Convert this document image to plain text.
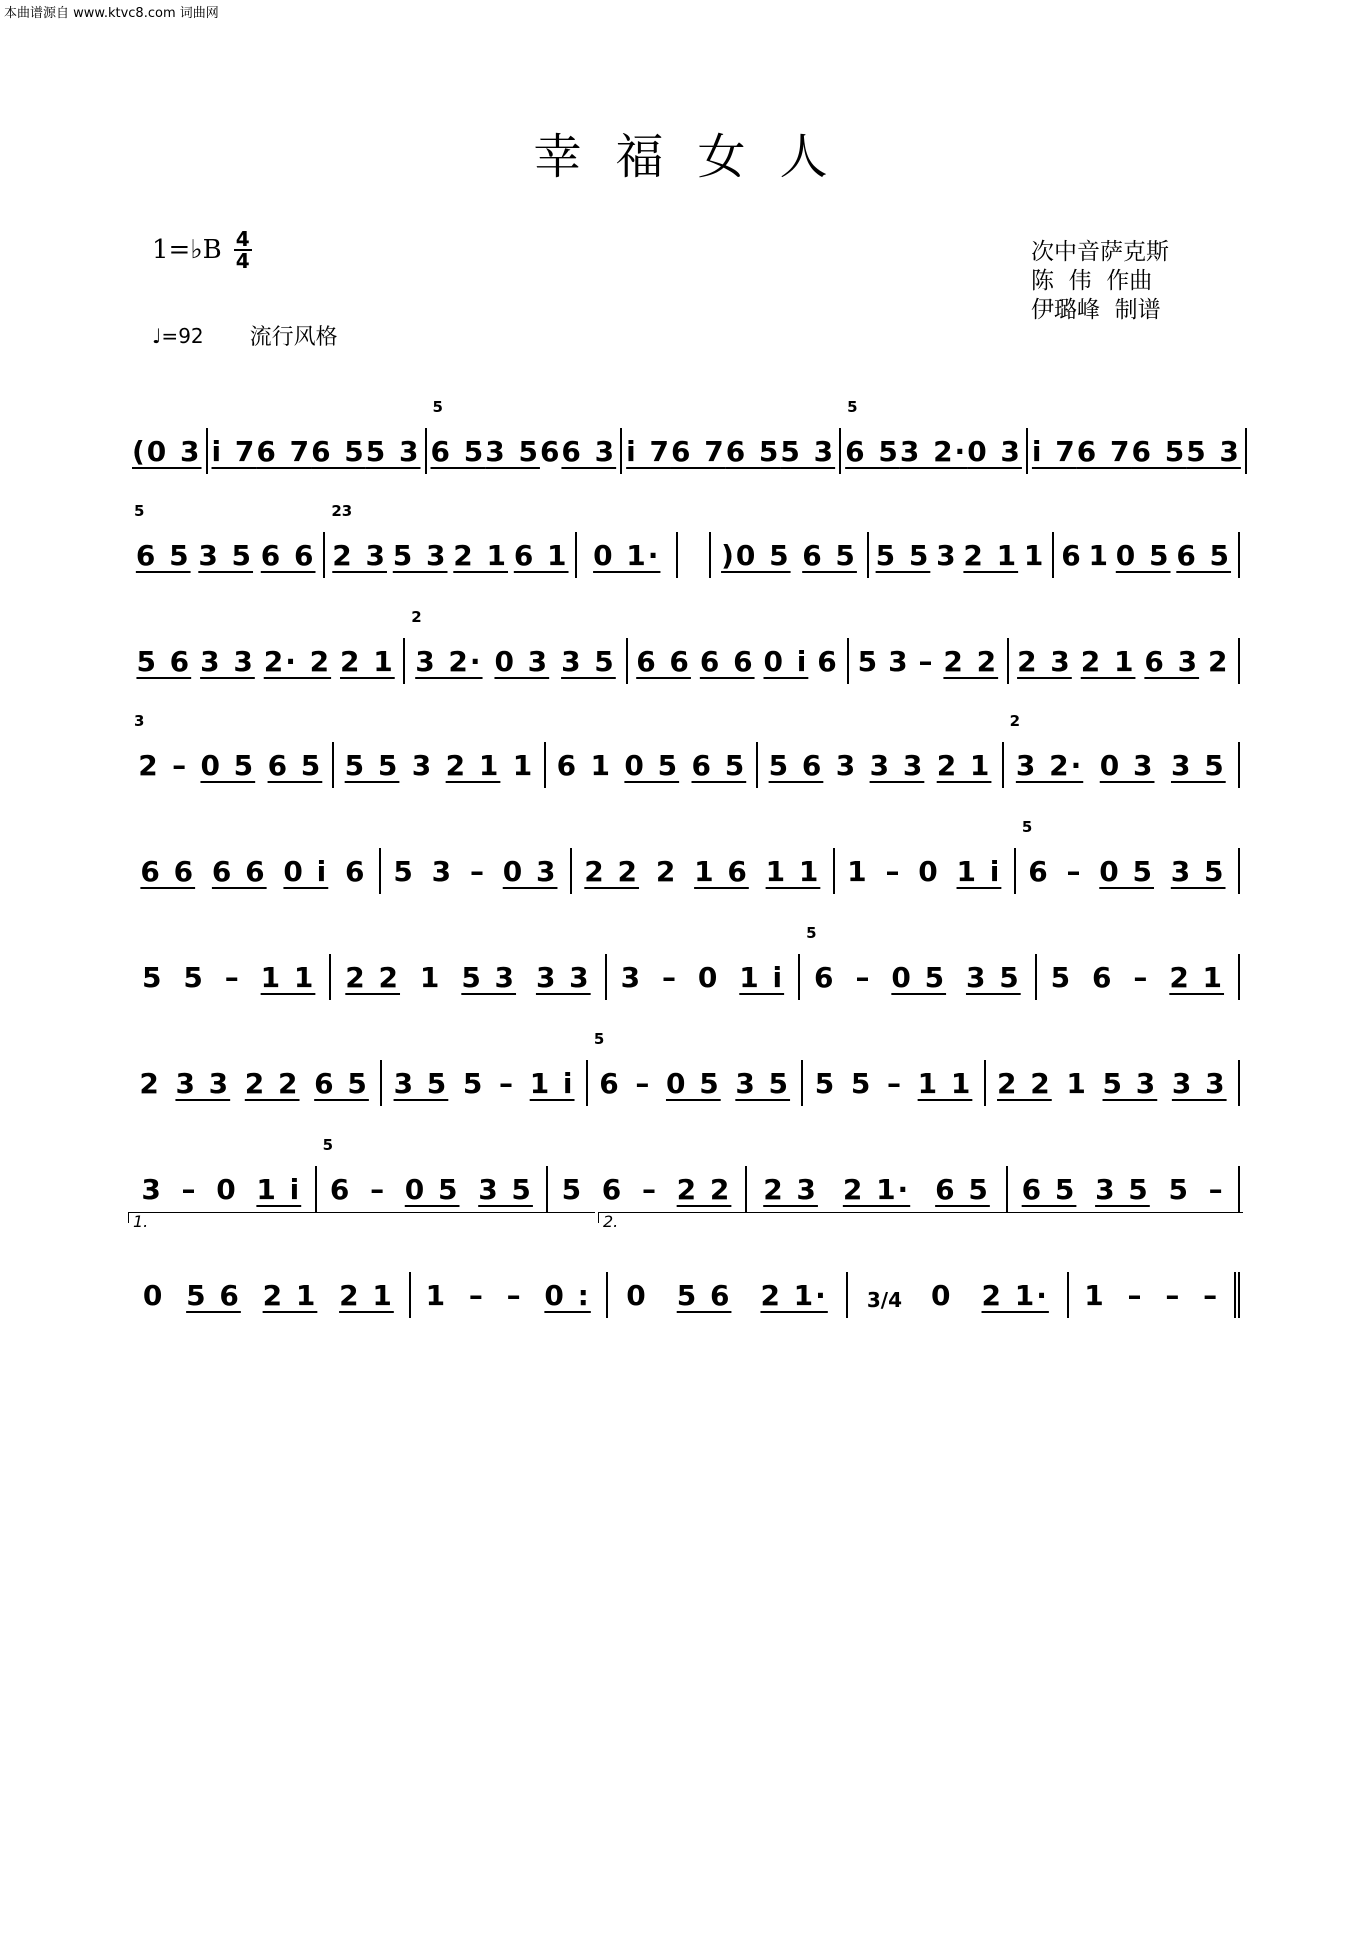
本曲谱源自 www.ktvc8.com 词曲网
幸福女人
1=♭B 4
4
♩=92 流行风格
次中音萨克斯
陈  伟  作曲
伊璐峰  制谱
(0 3 i 7 6 7 6 5 5 3
5
6 5 3 5 6 6 3 i 7 6 7 6 5 5 3
5
6 5 3 2· 0 3 i 7 6 7 6 5 5 3
5
6 5 3 5 6 6
23
2 3 5 3 2 1 6 1 0 1· )0 5 6 5 5 5 3 2 1 1 6 1 0 5 6 5
5 6 3 3 2· 2 2 1
2
3 2· 0 3 3 5 6 6 6 6 0 i 6 5 3 – 2 2 2 3 2 1 6 3 2
3
2 – 0 5 6 5 5 5 3 2 1 1 6 1 0 5 6 5 5 6 3 3 3 2 1
2
3 2· 0 3 3 5
6 6 6 6 0 i 6 5 3 – 0 3 2 2 2 1 6 1 1 1 – 0 1 i
5
6 – 0 5 3 5
5 5 – 1 1 2 2 1 5 3 3 3 3 – 0 1 i
5
6 – 0 5 3 5 5 6 – 2 1
2 3 3 2 2 6 5 3 5 5 – 1 i
5
6 – 0 5 3 5 5 5 – 1 1 2 2 1 5 3 3 3
3 – 0 1 i
5
6 – 0 5 3 5 5 6 – 2 2 2 3 2 1· 6 5 6 5 3 5 5 –
1.	2.
0 5 6 2 1 2 1 1 – – 0 : 0 5 6 2 1· 3/4 0 2 1· 1 – – –
